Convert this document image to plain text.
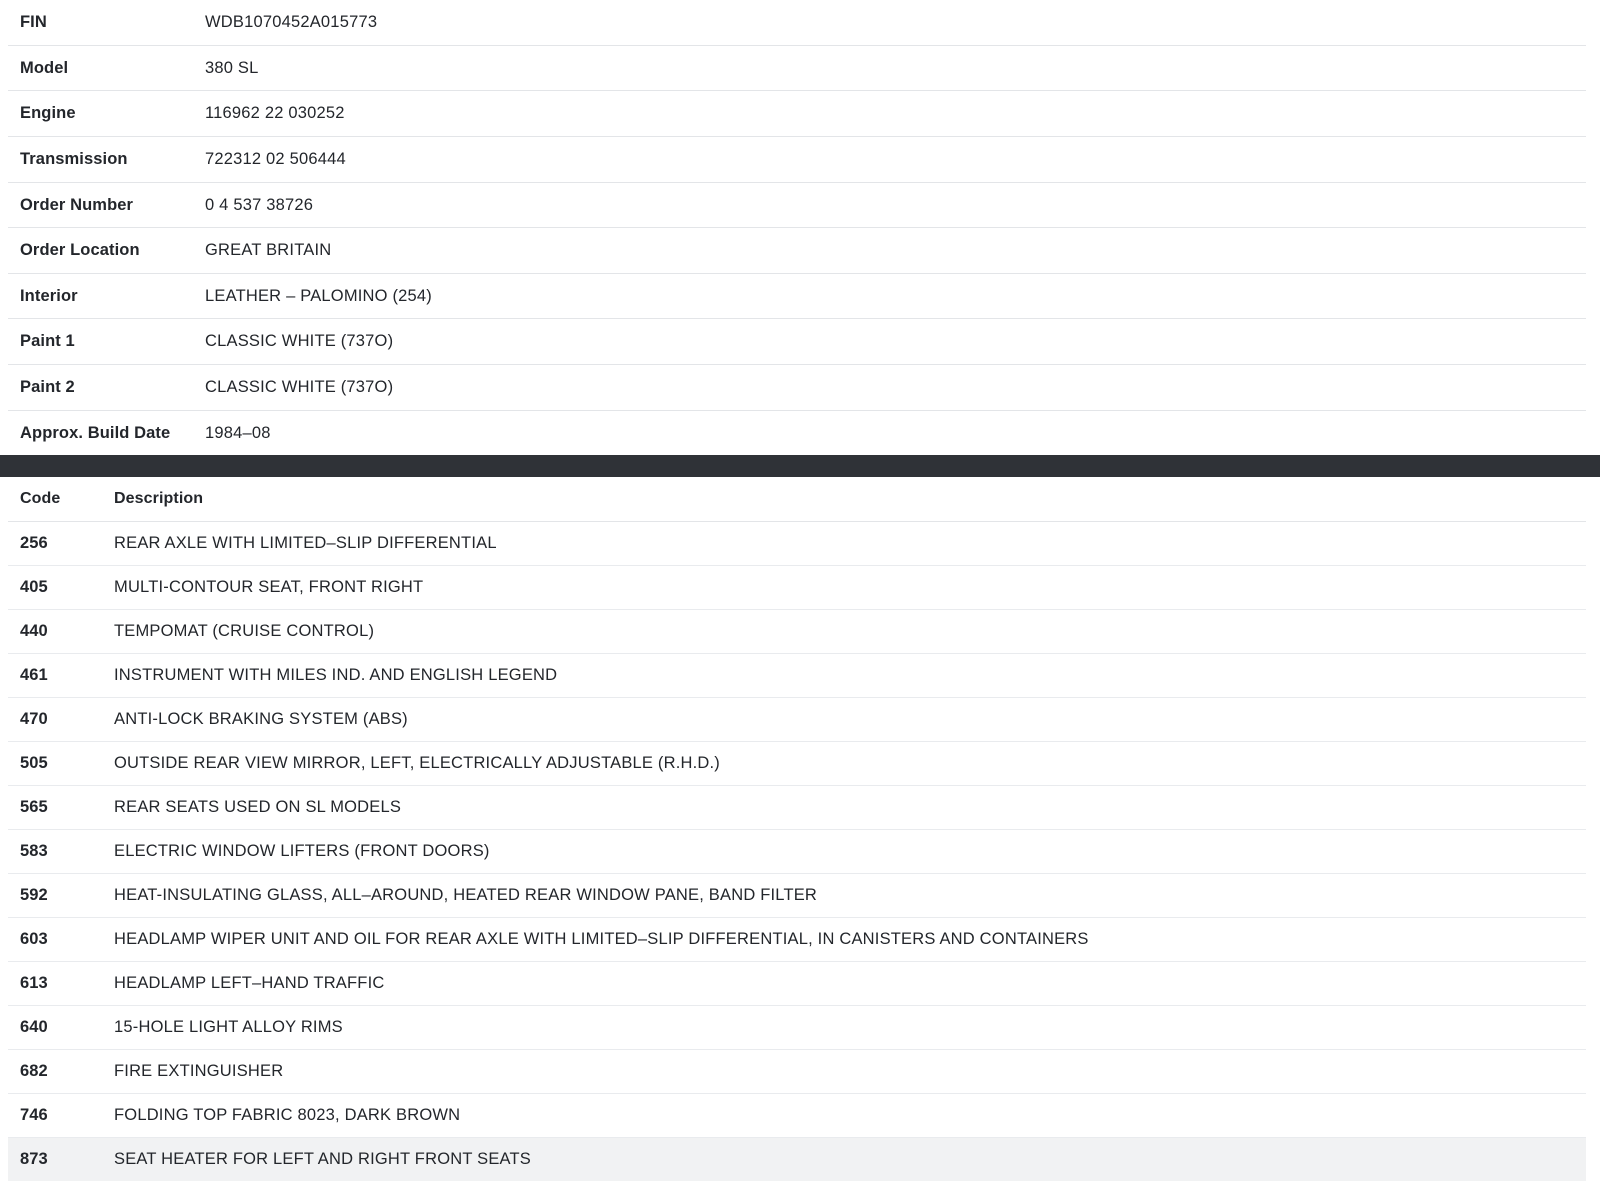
FIN	WDB1070452A015773
Model	380 SL
Engine	116962 22 030252
Transmission	722312 02 506444
Order Number	0 4 537 38726
Order Location	GREAT BRITAIN
Interior	LEATHER – PALOMINO (254)
Paint 1	CLASSIC WHITE (737O)
Paint 2	CLASSIC WHITE (737O)
Approx. Build Date	1984–08
Code	Description
256	REAR AXLE WITH LIMITED–SLIP DIFFERENTIAL
405	MULTI-CONTOUR SEAT, FRONT RIGHT
440	TEMPOMAT (CRUISE CONTROL)
461	INSTRUMENT WITH MILES IND. AND ENGLISH LEGEND
470	ANTI-LOCK BRAKING SYSTEM (ABS)
505	OUTSIDE REAR VIEW MIRROR, LEFT, ELECTRICALLY ADJUSTABLE (R.H.D.)
565	REAR SEATS USED ON SL MODELS
583	ELECTRIC WINDOW LIFTERS (FRONT DOORS)
592	HEAT-INSULATING GLASS, ALL–AROUND, HEATED REAR WINDOW PANE, BAND FILTER
603	HEADLAMP WIPER UNIT AND OIL FOR REAR AXLE WITH LIMITED–SLIP DIFFERENTIAL, IN CANISTERS AND CONTAINERS
613	HEADLAMP LEFT–HAND TRAFFIC
640	15-HOLE LIGHT ALLOY RIMS
682	FIRE EXTINGUISHER
746	FOLDING TOP FABRIC 8023, DARK BROWN
873	SEAT HEATER FOR LEFT AND RIGHT FRONT SEATS
